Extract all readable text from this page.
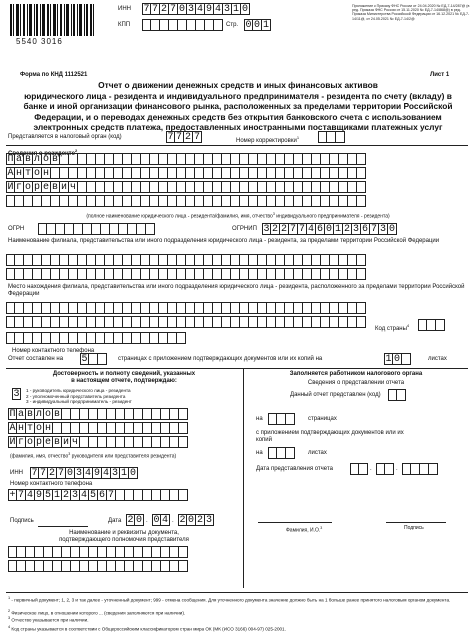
5540 3016
ИНН 7 7 2 7 0 3 4 9 4 3 1 0
КПП	Стр. 0 0 1
Приложение к Приказу ФНС России от 24.04.2020 № ЕД-7-14/287@ (в ред. Приказа ФНС России от 15.11.2020 № ЕД-7-14/868@) в ред. Приказа Министерства Российской Федерации от 16.12.2021 № ЕД-7-14/11@, от 24.05.2021 № ЕД-7-14/2@
Форма по КНД 1112521	Лист 1
Отчет о движении денежных средств и иных финансовых активов
юридического лица - резидента и индивидуального предпринимателя - резидента по счету (вкладу) в
банке и иной организации финансового рынка, расположенных за пределами территории Российской
Федерации, и о переводах денежных средств без открытия банковского счета с использованием
электронных средств платежа, предоставленных иностранными поставщиками платежных услуг
Представляется в налоговый орган (код)	7 7 2 7	Номер корректировки$^1$
Сведения о резиденте$^2$
П а в л о в
А н т о н
И г о р е в и ч
(полное наименование юридического лица - резидента/фамилия, имя, отчество$^3$ индивидуального предпринимателя - резидента)
ОГРН	ОГРНИП 3 2 2 7 7 4 6 0 1 2 3 6 7 3 0
Наименование филиала, представительства или иного подразделения юридического лица - резидента, за пределами территории Российской Федерации
Место нахождения филиала, представительства или иного подразделения юридического лица - резидента, расположенного за пределами территории Российской Федерации
Код страны$^4$
Номер контактного телефона
Отчет составлен на 5	страницах с приложением подтверждающих документов или их копий на	1 0	листах
Достоверность и полноту сведений, указанных
в настоящем отчете, подтверждаю:
3	1 - руководитель юридического лица - резидента
2 - уполномоченный представитель резидента
3 - индивидуальный предприниматель - резидент
П а в л о в
А н т о н
И г о р е в и ч
(фамилия, имя, отчество$^3$ руководителя или представителя резидента)
ИНН 7 7 2 7 0 3 4 9 4 3 1 0
Номер контактного телефона
+ 7 4 9 5 1 2 3 4 5 6 7
Подпись	Дата 2 0 . 0 4 . 2 0 2 3
Наименование и реквизиты документа,
подтверждающего полномочия представителя
Заполняется работником налогового органа
Сведения о представлении отчета
Данный отчет представлен (код)
на	страницах
с приложением подтверждающих документов или их копий
на	листах
Дата представления отчета	.	.
Фамилия, И.О.$^3$	Подпись
$^1$ - первичный документ; 1, 2, 3 и так далее - уточненный документ; 999 - отмена сообщения. Для уточненного документа значение должно быть на 1 больше ранее принятого налоговым органом документа.
$^2$ Физическое лицо, в отношении которого ... (сведения заполняются при наличии).
$^3$ Отчество указывается при наличии.
$^4$ Код страны указывается в соответствии с Общероссийским классификатором стран мира ОК (МК (ИСО 3166) 004-97) 025-2001.
